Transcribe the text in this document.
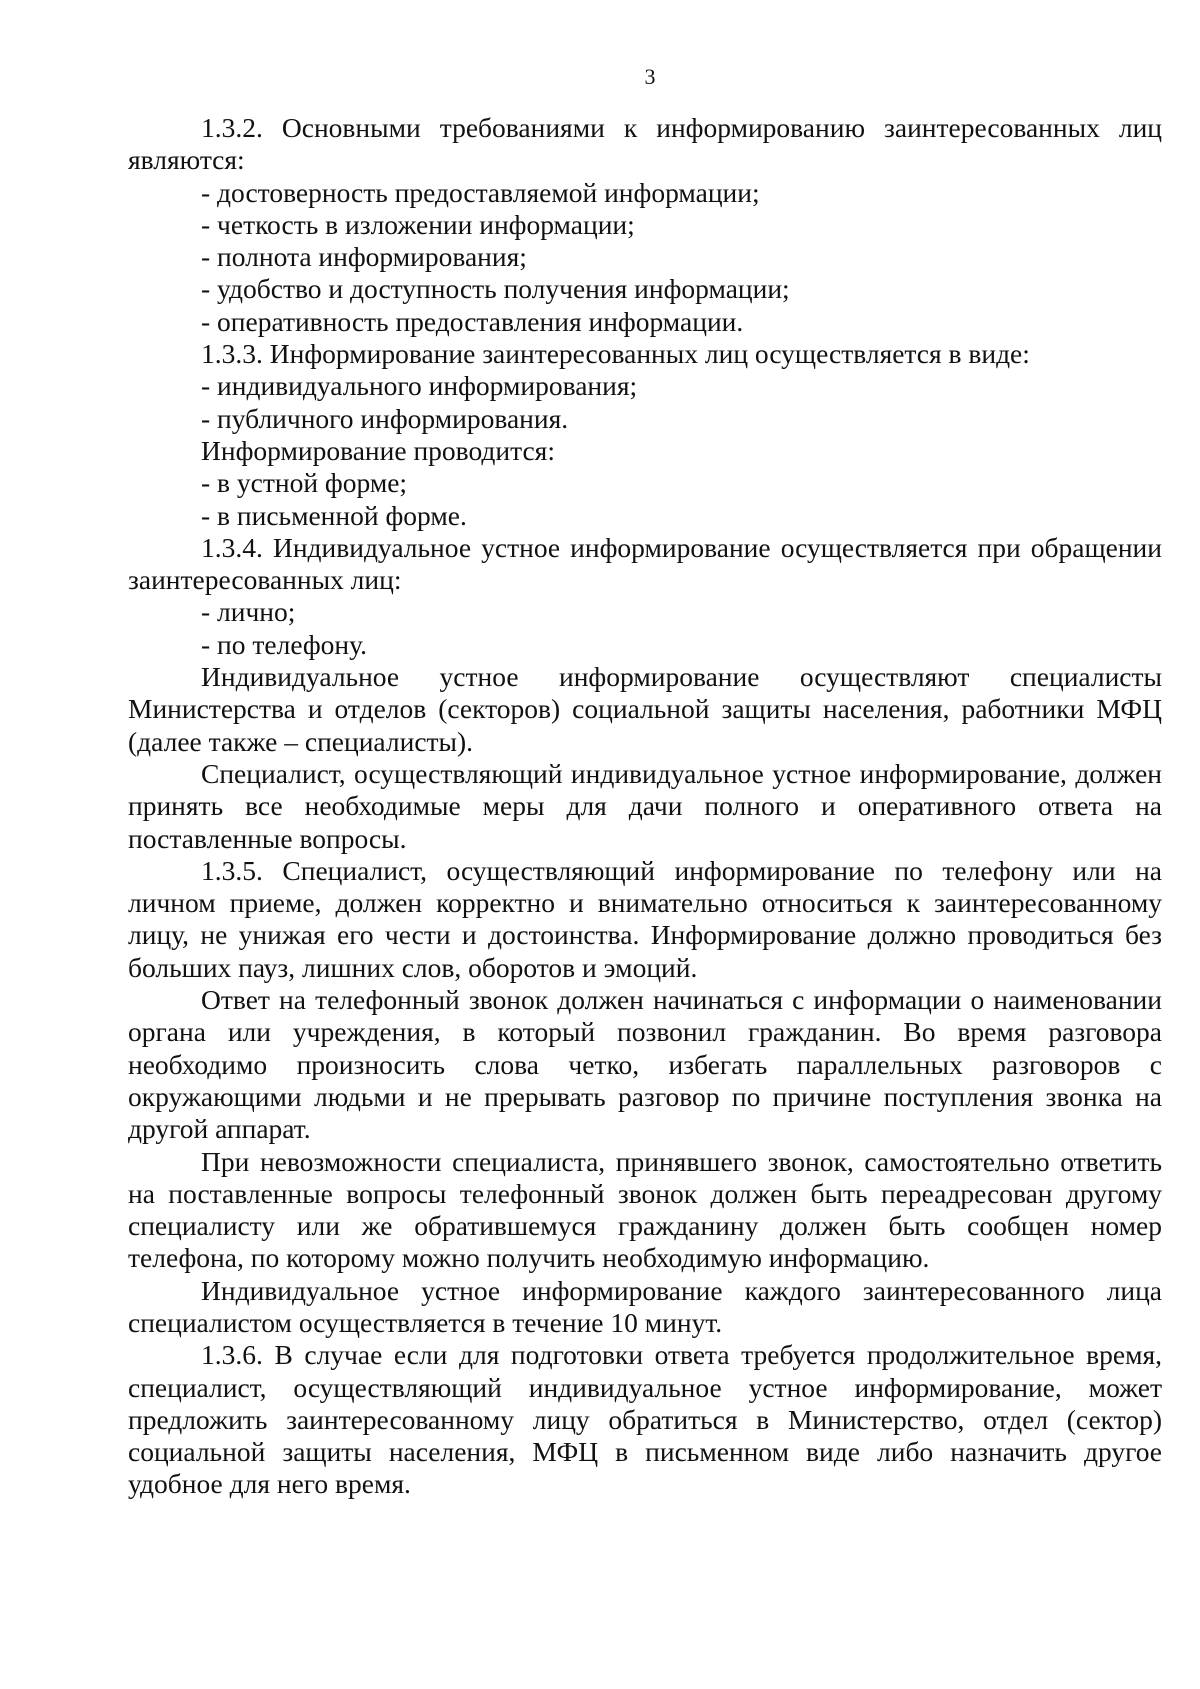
3

1.3.2. Основными требованиями к информированию заинтересованных лиц являются:

- достоверность предоставляемой информации;

- четкость в изложении информации;

- полнота информирования;

- удобство и доступность получения информации;

- оперативность предоставления информации.

1.3.3. Информирование заинтересованных лиц осуществляется в виде:

- индивидуального информирования;

- публичного информирования.

Информирование проводится:

- в устной форме;

- в письменной форме.

1.3.4. Индивидуальное устное информирование осуществляется при обращении заинтересованных лиц:

- лично;

- по телефону.

Индивидуальное устное информирование осуществляют специалисты Министерства и отделов (секторов) социальной защиты населения, работники МФЦ (далее также – специалисты).

Специалист, осуществляющий индивидуальное устное информирование, должен принять все необходимые меры для дачи полного и оперативного ответа на поставленные вопросы.

1.3.5. Специалист, осуществляющий информирование по телефону или на личном приеме, должен корректно и внимательно относиться к заинтересованному лицу, не унижая его чести и достоинства. Информирование должно проводиться без больших пауз, лишних слов, оборотов и эмоций.

Ответ на телефонный звонок должен начинаться с информации о наименовании органа или учреждения, в который позвонил гражданин. Во время разговора необходимо произносить слова четко, избегать параллельных разговоров с окружающими людьми и не прерывать разговор по причине поступления звонка на другой аппарат.

При невозможности специалиста, принявшего звонок, самостоятельно ответить на поставленные вопросы телефонный звонок должен быть переадресован другому специалисту или же обратившемуся гражданину должен быть сообщен номер телефона, по которому можно получить необходимую информацию.

Индивидуальное устное информирование каждого заинтересованного лица специалистом осуществляется в течение 10 минут.

1.3.6. В случае если для подготовки ответа требуется продолжительное время, специалист, осуществляющий индивидуальное устное информирование, может предложить заинтересованному лицу обратиться в Министерство, отдел (сектор) социальной защиты населения, МФЦ в письменном виде либо назначить другое удобное для него время.
